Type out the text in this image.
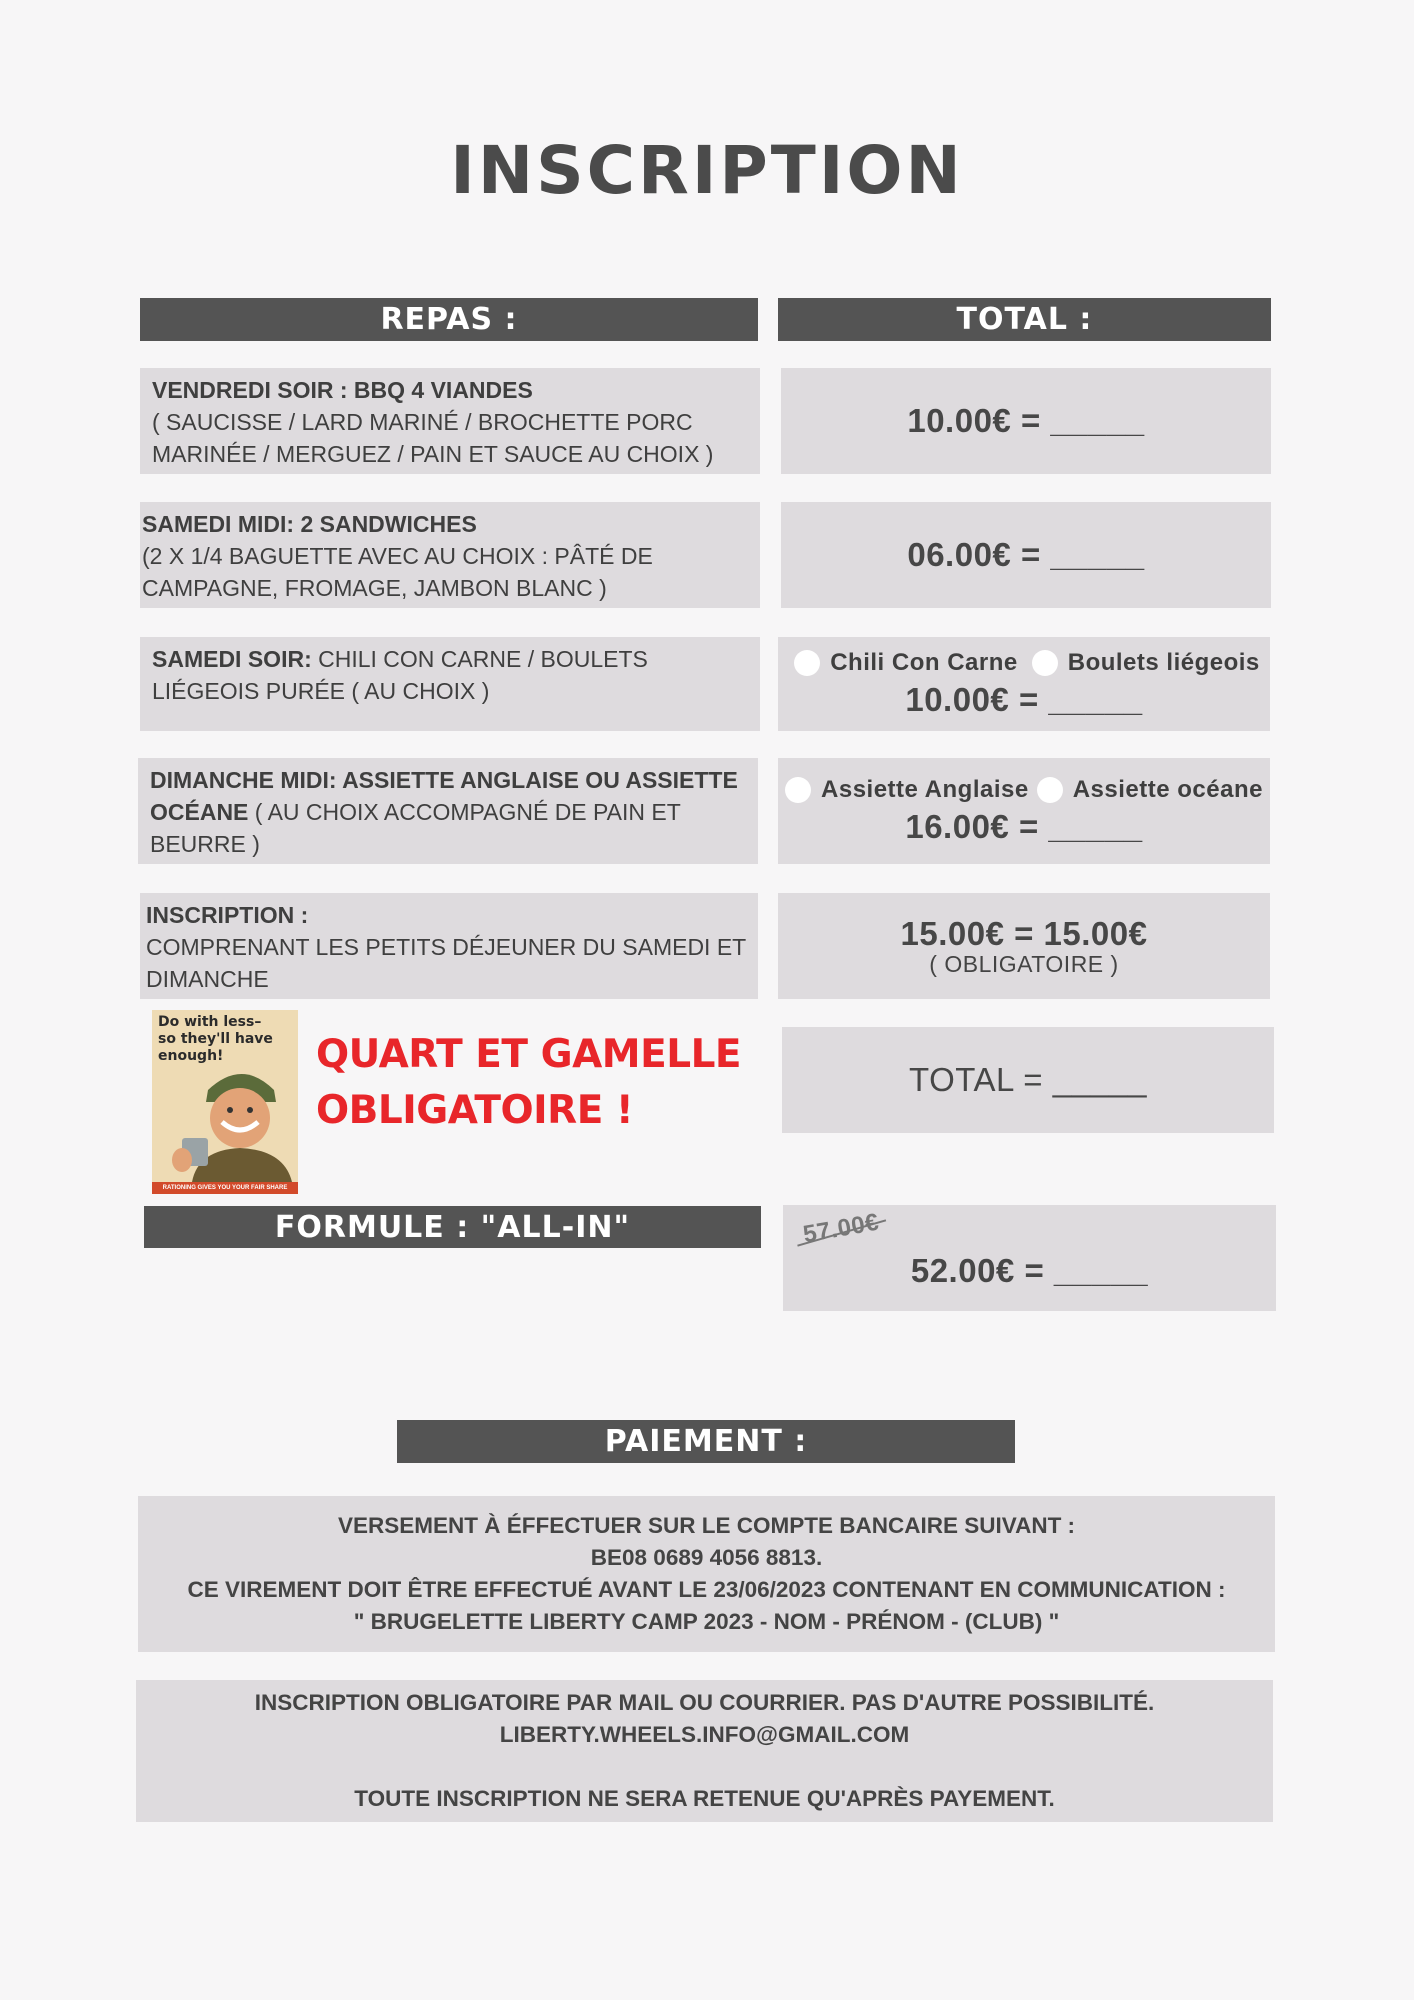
INSCRIPTION
REPAS :	TOTAL :
VENDREDI SOIR : BBQ 4 VIANDES
( SAUCISSE / LARD MARINÉ / BROCHETTE PORC MARINÉE / MERGUEZ / PAIN ET SAUCE AU CHOIX )
10.00€ = _____
SAMEDI MIDI: 2 SANDWICHES
(2 X 1/4 BAGUETTE AVEC AU CHOIX : PÂTÉ DE CAMPAGNE, FROMAGE, JAMBON BLANC )
06.00€ = _____
SAMEDI SOIR: CHILI CON CARNE / BOULETS LIÉGEOIS PURÉE ( AU CHOIX )
Chili Con Carne Boulets liégeois
10.00€ = _____
DIMANCHE MIDI: ASSIETTE ANGLAISE OU ASSIETTE OCÉANE ( AU CHOIX ACCOMPAGNÉ DE PAIN ET BEURRE )
Assiette Anglaise Assiette océane
16.00€ = _____
INSCRIPTION :
COMPRENANT LES PETITS DÉJEUNER DU SAMEDI ET DIMANCHE
15.00€ = 15.00€
( OBLIGATOIRE )
Do with less–
so they'll have
enough!
RATIONING GIVES YOU YOUR FAIR SHARE
QUART ET GAMELLE
OBLIGATOIRE !
TOTAL = _____
FORMULE : "ALL-IN"	57.00€
52.00€ = _____
PAIEMENT :
VERSEMENT À ÉFFECTUER SUR LE COMPTE BANCAIRE SUIVANT :
BE08 0689 4056 8813.
CE VIREMENT DOIT ÊTRE EFFECTUÉ AVANT LE 23/06/2023 CONTENANT EN COMMUNICATION :
" BRUGELETTE LIBERTY CAMP 2023 - NOM - PRÉNOM - (CLUB) "
INSCRIPTION OBLIGATOIRE PAR MAIL OU COURRIER. PAS D'AUTRE POSSIBILITÉ.
LIBERTY.WHEELS.INFO@GMAIL.COM
TOUTE INSCRIPTION NE SERA RETENUE QU'APRÈS PAYEMENT.
